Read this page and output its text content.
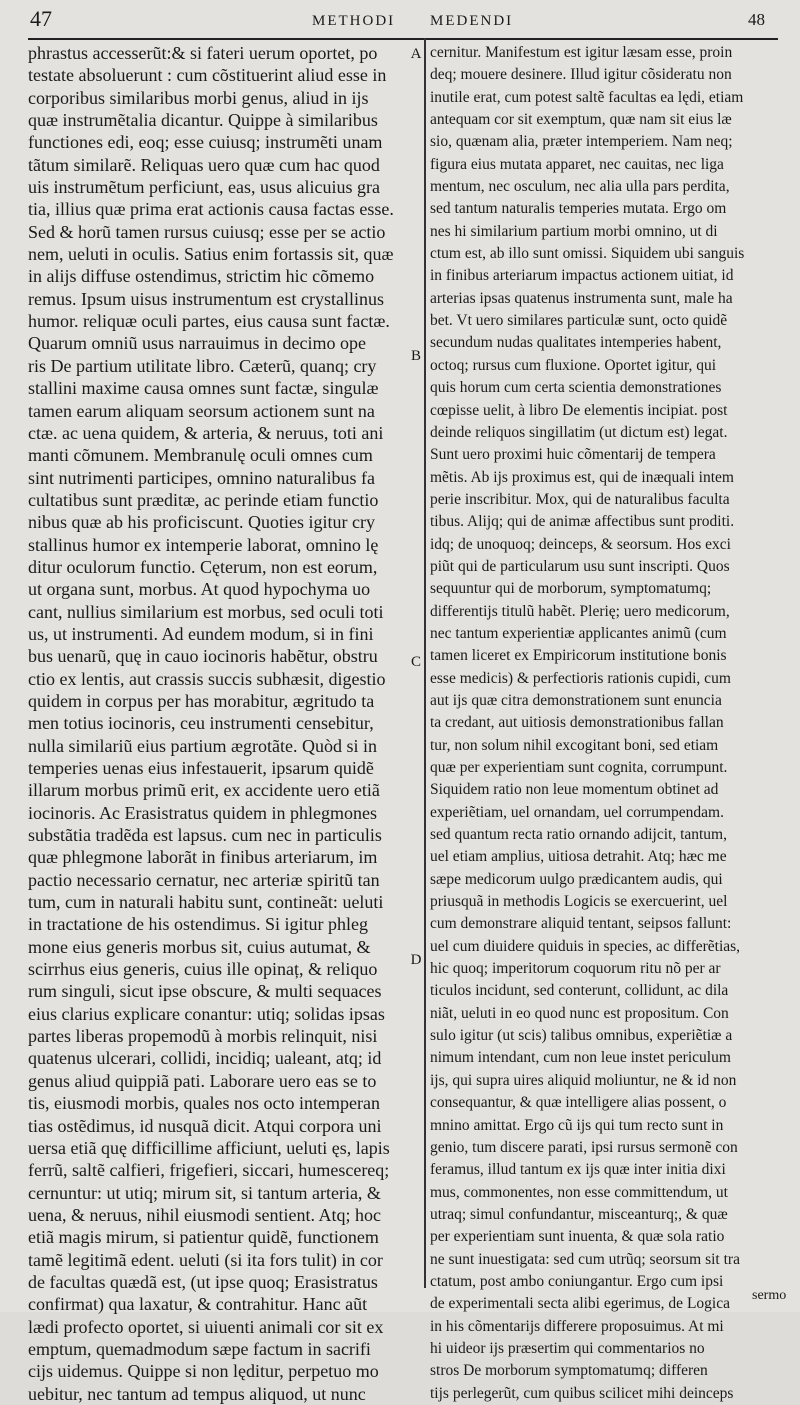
47	METHODI MEDENDI	48
phrastus accesserũt:& si fateri uerum oportet, po
testate absoluerunt : cum cõstituerint aliud esse in
corporibus similaribus morbi genus, aliud in ijs
quæ instrumẽtalia dicantur. Quippe à similaribus
functiones edi, eoq; esse cuiusq; instrumẽti unam
tãtum similarẽ. Reliquas uero quæ cum hac quod
uis instrumẽtum perficiunt, eas, usus alicuius gra
tia, illius quæ prima erat actionis causa factas esse.
Sed & horũ tamen rursus cuiusq; esse per se actio
nem, ueluti in oculis. Satius enim fortassis sit, quæ
in alijs diffuse ostendimus, strictim hic cõmemo
remus. Ipsum uisus instrumentum est crystallinus
humor. reliquæ oculi partes, eius causa sunt factæ.
Quarum omniũ usus narrauimus in decimo ope
ris De partium utilitate libro. Cæterũ, quanq; cry
stallini maxime causa omnes sunt factæ, singulæ
tamen earum aliquam seorsum actionem sunt na
ctæ. ac uena quidem, & arteria, & neruus, toti ani
manti cõmunem. Membranulę oculi omnes cum
sint nutrimenti participes, omnino naturalibus fa
cultatibus sunt præditæ, ac perinde etiam functio
nibus quæ ab his proficiscunt. Quoties igitur cry
stallinus humor ex intemperie laborat, omnino lę
ditur oculorum functio. Cęterum, non est eorum,
ut organa sunt, morbus. At quod hypochyma uo
cant, nullius similarium est morbus, sed oculi toti
us, ut instrumenti. Ad eundem modum, si in fini
bus uenarũ, quę in cauo iocinoris habẽtur, obstru
ctio ex lentis, aut crassis succis subhæsit, digestio
quidem in corpus per has morabitur, ægritudo ta
men totius iocinoris, ceu instrumenti censebitur,
nulla similariũ eius partium ægrotãte. Quòd si in
temperies uenas eius infestauerit, ipsarum quidẽ
illarum morbus primũ erit, ex accidente uero etiã
iocinoris. Ac Erasistratus quidem in phlegmones
substãtia tradẽda est lapsus. cum nec in particulis
quæ phlegmone laborãt in finibus arteriarum, im
pactio necessario cernatur, nec arteriæ spiritũ tan
tum, cum in naturali habitu sunt, contineãt: ueluti
in tractatione de his ostendimus. Si igitur phleg
mone eius generis morbus sit, cuius autumat, &
scirrhus eius generis, cuius ille opinaț, & reliquo
rum singuli, sicut ipse obscure, & multi sequaces
eius clarius explicare conantur: utiq; solidas ipsas
partes liberas propemodũ à morbis relinquit, nisi
quatenus ulcerari, collidi, incidiq; ualeant, atq; id
genus aliud quippiã pati. Laborare uero eas se to
tis, eiusmodi morbis, quales nos octo intemperan
tias ostẽdimus, id nusquã dicit. Atqui corpora uni
uersa etiã quę difficillime afficiunt, ueluti ęs, lapis
ferrũ, saltẽ calfieri, frigefieri, siccari, humescereq;
cernuntur: ut utiq; mirum sit, si tantum arteria, &
uena, & neruus, nihil eiusmodi sentient. Atq; hoc
etiã magis mirum, si patientur quidẽ, functionem
tamẽ legitimã edent. ueluti (si ita fors tulit) in cor
de facultas quædã est, (ut ipse quoq; Erasistratus
confirmat) qua laxatur, & contrahitur. Hanc aũt
lædi profecto oportet, si uiuenti animali cor sit ex
emptum, quemadmodum sæpe factum in sacrifi
cijs uidemus. Quippe si non lęditur, perpetuo mo
uebitur, nec tantum ad tempus aliquod, ut nunc
cernitur. Manifestum est igitur læsam esse, proin
deq; mouere desinere. Illud igitur cõsideratu non
inutile erat, cum potest saltẽ facultas ea lędi, etiam
antequam cor sit exemptum, quæ nam sit eius læ
sio, quænam alia, præter intemperiem. Nam neq;
figura eius mutata apparet, nec cauitas, nec liga
mentum, nec osculum, nec alia ulla pars perdita,
sed tantum naturalis temperies mutata. Ergo om
nes hi similarium partium morbi omnino, ut di
ctum est, ab illo sunt omissi. Siquidem ubi sanguis
in finibus arteriarum impactus actionem uitiat, id
arterias ipsas quatenus instrumenta sunt, male ha
bet. Vt uero similares particulæ sunt, octo quidẽ
secundum nudas qualitates intemperies habent,
octoq; rursus cum fluxione. Oportet igitur, qui
quis horum cum certa scientia demonstrationes
cœpisse uelit, à libro De elementis incipiat. post
deinde reliquos singillatim (ut dictum est) legat.
Sunt uero proximi huic cõmentarij de tempera
mẽtis. Ab ijs proximus est, qui de inæquali intem
perie inscribitur. Mox, qui de naturalibus faculta
tibus. Alijq; qui de animæ affectibus sunt proditi.
idq; de unoquoq; deinceps, & seorsum. Hos exci
piũt qui de particularum usu sunt inscripti. Quos
sequuntur qui de morborum, symptomatumq;
differentijs titulũ habẽt. Plerię; uero medicorum,
nec tantum experientiæ applicantes animũ (cum
tamen liceret ex Empiricorum institutione bonis
esse medicis) & perfectioris rationis cupidi, cum
aut ijs quæ citra demonstrationem sunt enuncia
ta credant, aut uitiosis demonstrationibus fallan
tur, non solum nihil excogitant boni, sed etiam
quæ per experientiam sunt cognita, corrumpunt.
Siquidem ratio non leue momentum obtinet ad
experiẽtiam, uel ornandam, uel corrumpendam.
sed quantum recta ratio ornando adijcit, tantum,
uel etiam amplius, uitiosa detrahit. Atq; hæc me
sæpe medicorum uulgo prædicantem audis, qui
priusquã in methodis Logicis se exercuerint, uel
cum demonstrare aliquid tentant, seipsos fallunt:
uel cum diuidere quiduis in species, ac differẽtias,
hic quoq; imperitorum coquorum ritu nõ per ar
ticulos incidunt, sed conterunt, collidunt, ac dila
niãt, ueluti in eo quod nunc est propositum. Con
sulo igitur (ut scis) talibus omnibus, experiẽtiæ a
nimum intendant, cum non leue instet periculum
ijs, qui supra uires aliquid moliuntur, ne & id non
consequantur, & quæ intelligere alias possent, o
mnino amittat. Ergo cũ ijs qui tum recto sunt in
genio, tum discere parati, ipsi rursus sermonẽ con
feramus, illud tantum ex ijs quæ inter initia dixi
mus, commonentes, non esse committendum, ut
utraq; simul confundantur, misceanturq;, & quæ
per experientiam sunt inuenta, & quæ sola ratio
ne sunt inuestigata: sed cum utrũq; seorsum sit tra
ctatum, post ambo coniungantur. Ergo cum ipsi
de experimentali secta alibi egerimus, de Logica
in his cõmentarijs differere proposuimus. At mi
hi uideor ijs præsertim qui commentarios no
stros De morborum symptomatumq; differen
tijs perlegerũt, cum quibus scilicet mihi deinceps
A
B
C
D
sermo
